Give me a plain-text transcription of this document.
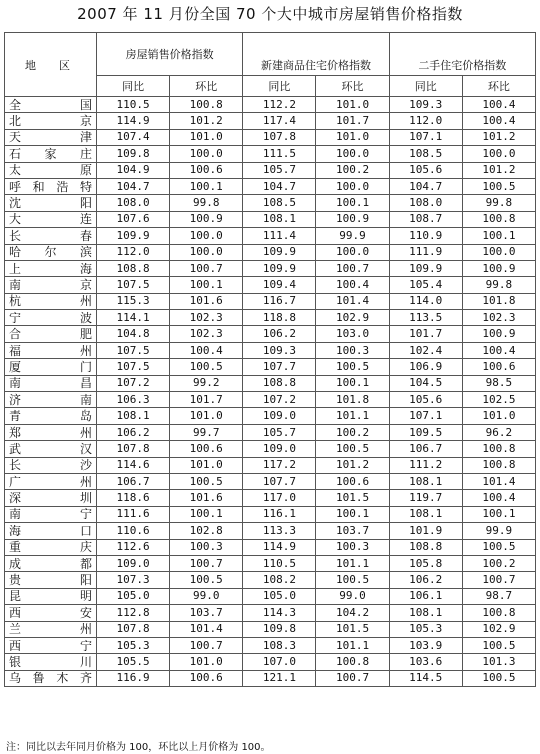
2007 年 11 月份全国 70 个大中城市房屋销售价格指数
地　区	房屋销售价格指数					
			新建商品住宅价格指数		二手住宅价格指数	
	同比	环比	同比	环比	同比	环比
全国	110.5	100.8	112.2	101.0	109.3	100.4
北京	114.9	101.2	117.4	101.7	112.0	100.4
天津	107.4	101.0	107.8	101.0	107.1	101.2
石家庄	109.8	100.0	111.5	100.0	108.5	100.0
太原	104.9	100.6	105.7	100.2	105.6	101.2
呼和浩特	104.7	100.1	104.7	100.0	104.7	100.5
沈阳	108.0	99.8	108.5	100.1	108.0	99.8
大连	107.6	100.9	108.1	100.9	108.7	100.8
长春	109.9	100.0	111.4	99.9	110.9	100.1
哈尔滨	112.0	100.0	109.9	100.0	111.9	100.0
上海	108.8	100.7	109.9	100.7	109.9	100.9
南京	107.5	100.1	109.4	100.4	105.4	99.8
杭州	115.3	101.6	116.7	101.4	114.0	101.8
宁波	114.1	102.3	118.8	102.9	113.5	102.3
合肥	104.8	102.3	106.2	103.0	101.7	100.9
福州	107.5	100.4	109.3	100.3	102.4	100.4
厦门	107.5	100.5	107.7	100.5	106.9	100.6
南昌	107.2	99.2	108.8	100.1	104.5	98.5
济南	106.3	101.7	107.2	101.8	105.6	102.5
青岛	108.1	101.0	109.0	101.1	107.1	101.0
郑州	106.2	99.7	105.7	100.2	109.5	96.2
武汉	107.8	100.6	109.0	100.5	106.7	100.8
长沙	114.6	101.0	117.2	101.2	111.2	100.8
广州	106.7	100.5	107.7	100.6	108.1	101.4
深圳	118.6	101.6	117.0	101.5	119.7	100.4
南宁	111.6	100.1	116.1	100.1	108.1	100.1
海口	110.6	102.8	113.3	103.7	101.9	99.9
重庆	112.6	100.3	114.9	100.3	108.8	100.5
成都	109.0	100.7	110.5	101.1	105.8	100.2
贵阳	107.3	100.5	108.2	100.5	106.2	100.7
昆明	105.0	99.0	105.0	99.0	106.1	98.7
西安	112.8	103.7	114.3	104.2	108.1	100.8
兰州	107.8	101.4	109.8	101.5	105.3	102.9
西宁	105.3	100.7	108.3	101.1	103.9	100.5
银川	105.5	101.0	107.0	100.8	103.6	101.3
乌鲁木齐	116.9	100.6	121.1	100.7	114.5	100.5
注：同比以去年同月价格为 100，环比以上月价格为 100。
